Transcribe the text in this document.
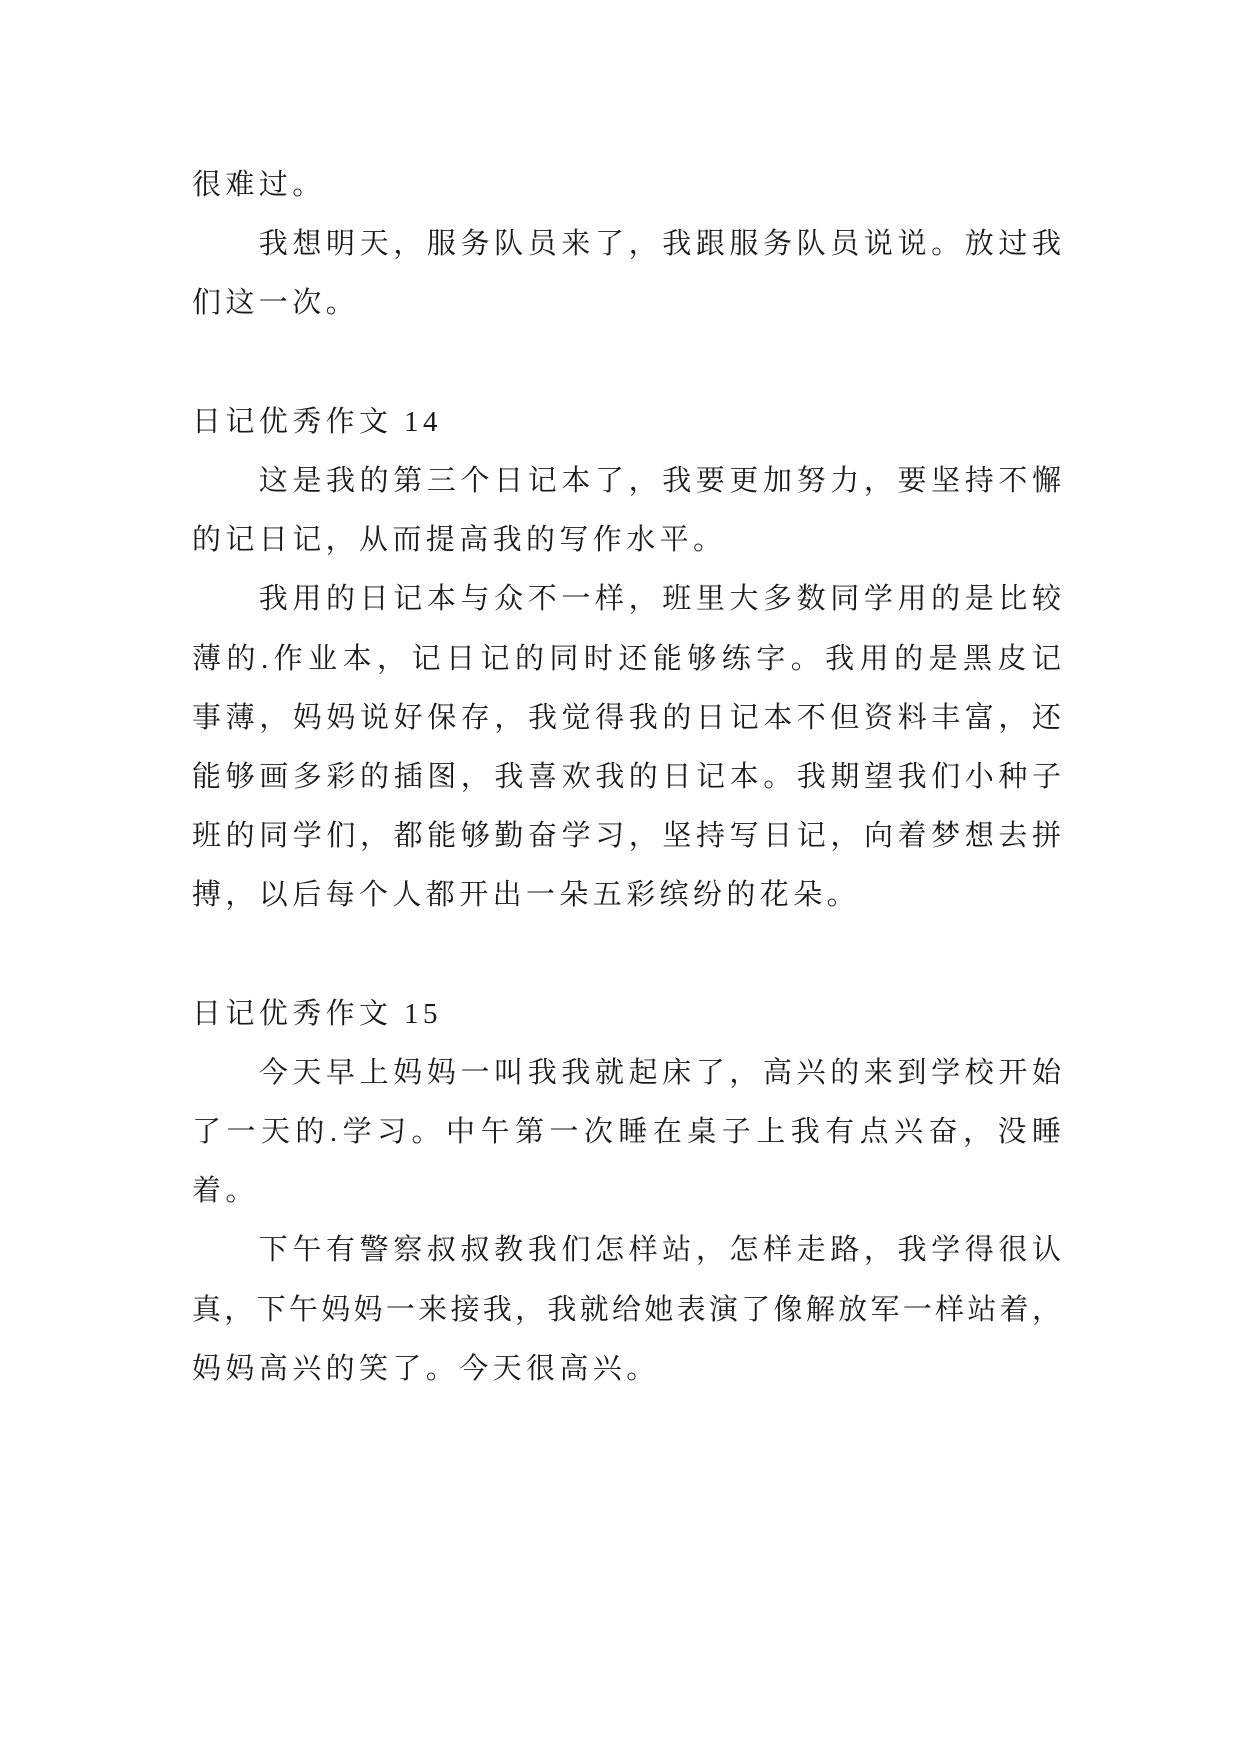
很难过。
我想明天，服务队员来了，我跟服务队员说说。放过我
们这一次。
日记优秀作文 14
这是我的第三个日记本了，我要更加努力，要坚持不懈
的记日记，从而提高我的写作水平。
我用的日记本与众不一样，班里大多数同学用的是比较
薄的.作业本，记日记的同时还能够练字。我用的是黑皮记
事薄，妈妈说好保存，我觉得我的日记本不但资料丰富，还
能够画多彩的插图，我喜欢我的日记本。我期望我们小种子
班的同学们，都能够勤奋学习，坚持写日记，向着梦想去拼
搏，以后每个人都开出一朵五彩缤纷的花朵。
日记优秀作文 15
今天早上妈妈一叫我我就起床了，高兴的来到学校开始
了一天的.学习。中午第一次睡在桌子上我有点兴奋，没睡
着。
下午有警察叔叔教我们怎样站，怎样走路，我学得很认
真，下午妈妈一来接我，我就给她表演了像解放军一样站着，
妈妈高兴的笑了。今天很高兴。
